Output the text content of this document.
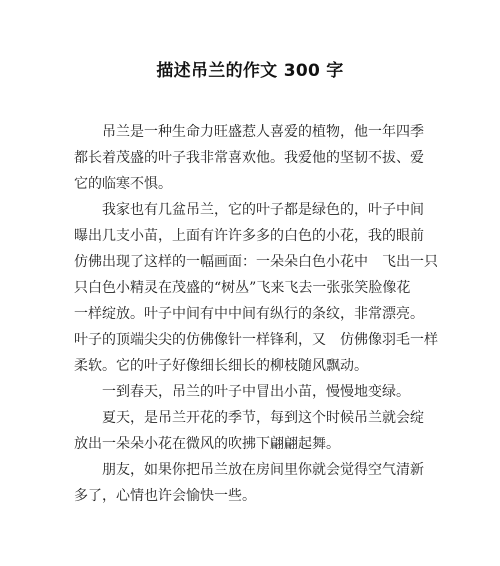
描述吊兰的作文 300 字
　　吊兰是一种生命力旺盛惹人喜爱的植物，他一年四季
都长着茂盛的叶子我非常喜欢他。我爱他的坚韧不拔、爱
它的临寒不惧。
　　我家也有几盆吊兰，它的叶子都是绿色的，叶子中间
曝出几支小苗，上面有许许多多的白色的小花，我的眼前
仿佛出现了这样的一幅画面：一朵朵白色小花中　飞出一只
只白色小精灵在茂盛的“树丛”飞来飞去一张张笑脸像花
一样绽放。叶子中间有中中间有纵行的条纹，非常漂亮。
叶子的顶端尖尖的仿佛像针一样锋利，又　仿佛像羽毛一样
柔软。它的叶子好像细长细长的柳枝随风飘动。
　　一到春天，吊兰的叶子中冒出小苗，慢慢地变绿。
　　夏天，是吊兰开花的季节，每到这个时候吊兰就会绽
放出一朵朵小花在微风的吹拂下翩翩起舞。
　　朋友，如果你把吊兰放在房间里你就会觉得空气清新
多了，心情也许会愉快一些。
